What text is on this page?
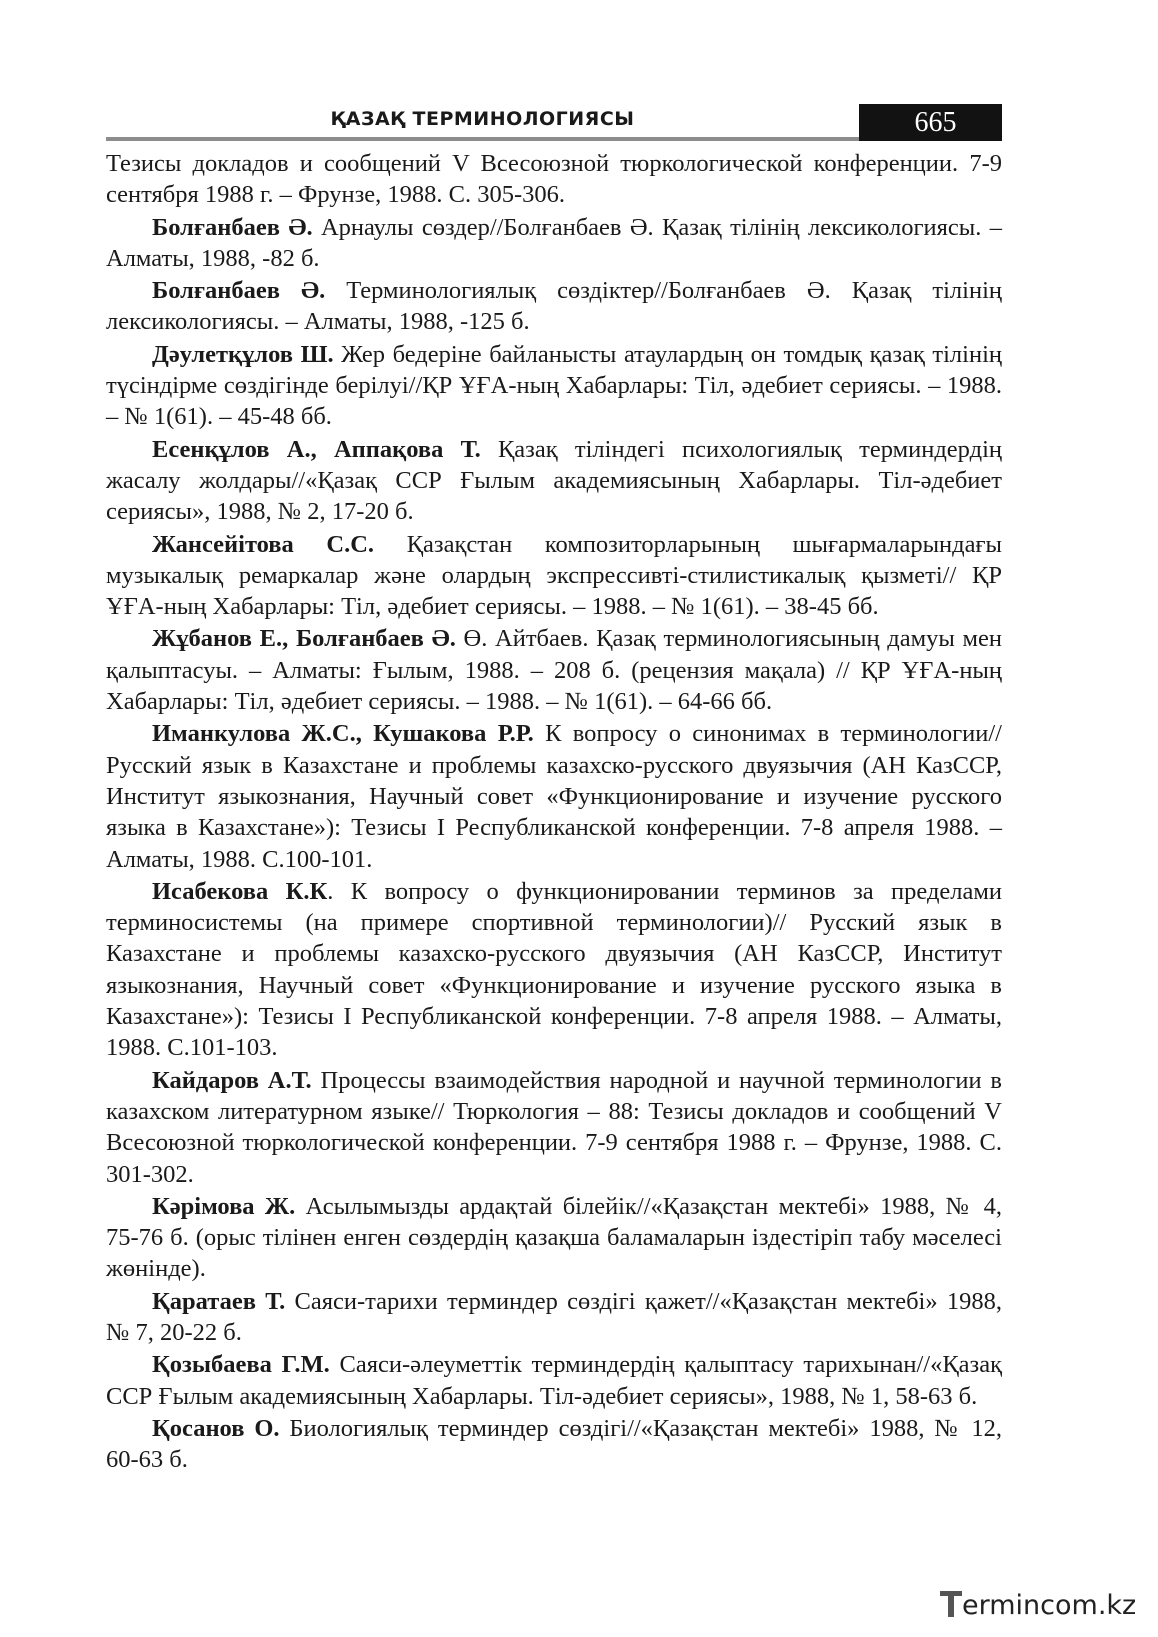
ҚАЗАҚ ТЕРМИНОЛОГИЯСЫ	665

Тезисы докладов и сообщений V Всесоюзной тюркологической конференции. 7-9 сентября 1988 г. – Фрунзе, 1988. С. 305-306.

Болғанбаев Ә. Арнаулы сөздер//Болғанбаев Ә. Қазақ тілінің лексикологиясы. – Алматы, 1988, -82 б.

Болғанбаев Ә. Терминологиялық сөздіктер//Болғанбаев Ә. Қазақ тілінің лексикологиясы. – Алматы, 1988, -125 б.

Дәулетқұлов Ш. Жер бедеріне байланысты атаулардың он томдық қазақ тілінің түсіндірме сөздігінде берілуі//ҚР ҰҒА-ның Хабарлары: Тіл, әдебиет сериясы. – 1988. – № 1(61). – 45-48 бб.

Есенқұлов А., Аппақова Т. Қазақ тіліндегі психологиялық терминдердің жасалу жолдары//«Қазақ ССР Ғылым академиясының Хабарлары. Тіл-әдебиет сериясы», 1988, № 2, 17-20 б.

Жансейітова С.С. Қазақстан композиторларының шығармаларындағы музыкалық ремаркалар және олардың экспрессивті-стилистикалық қызметі// ҚР ҰҒА-ның Хабарлары: Тіл, әдебиет сериясы. – 1988. – № 1(61). – 38-45 бб.

Жұбанов Е., Болғанбаев Ә. Ө. Айтбаев. Қазақ терминологиясының дамуы мен қалыптасуы. – Алматы: Ғылым, 1988. – 208 б. (рецензия мақала) // ҚР ҰҒА-ның Хабарлары: Тіл, әдебиет сериясы. – 1988. – № 1(61). – 64-66 бб.

Иманкулова Ж.С., Кушакова Р.Р. К вопросу о синонимах в терминологии// Русский язык в Казахстане и проблемы казахско-русского двуязычия (АН КазССР, Институт языкознания, Научный совет «Функционирование и изучение русского языка в Казахстане»): Тезисы I Республиканской конференции. 7-8 апреля 1988. – Алматы, 1988. С.100-101.

Исабекова К.К. К вопросу о функционировании терминов за пределами терминосистемы (на примере спортивной терминологии)// Русский язык в Казахстане и проблемы казахско-русского двуязычия (АН КазССР, Институт языкознания, Научный совет «Функционирование и изучение русского языка в Казахстане»): Тезисы I Республиканской конференции. 7-8 апреля 1988. – Алматы, 1988. С.101-103.

Кайдаров А.Т. Процессы взаимодействия народной и научной терминологии в казахском литературном языке// Тюркология – 88: Тезисы докладов и сообщений V Всесоюзной тюркологической конференции. 7-9 сентября 1988 г. – Фрунзе, 1988. С. 301-302.

Кәрімова Ж. Асылымызды ардақтай білейік//«Қазақстан мектебі» 1988, № 4, 75-76 б. (орыс тілінен енген сөздердің қазақша баламаларын іздестіріп табу мәселесі жөнінде).

Қаратаев Т. Саяси-тарихи терминдер сөздігі қажет//«Қазақстан мектебі» 1988, № 7, 20-22 б.

Қозыбаева Г.М. Саяси-әлеуметтік терминдердің қалыптасу тарихынан//«Қазақ ССР Ғылым академиясының Хабарлары. Тіл-әдебиет сериясы», 1988, № 1, 58-63 б.

Қосанов О. Биологиялық терминдер сөздігі//«Қазақстан мектебі» 1988, № 12, 60-63 б.

ermincom.kz
